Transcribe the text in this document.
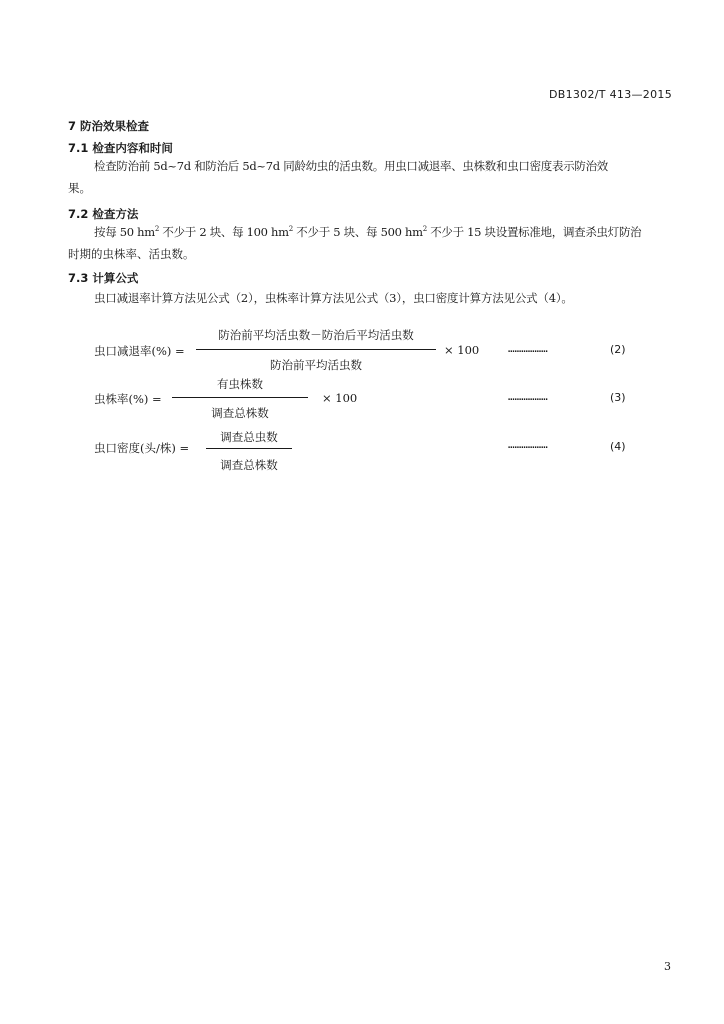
DB1302/T 413—2015
7 防治效果检查
7.1 检查内容和时间
检查防治前 5d~7d 和防治后 5d~7d 同龄幼虫的活虫数。用虫口减退率、虫株数和虫口密度表示防治效
果。
7.2 检查方法
按每 50 $hm^2$ 不少于 2 块、每 100 $hm^2$ 不少于 5 块、每 500 $hm^2$ 不少于 15 块设置标准地，调查杀虫灯防治
时期的虫株率、活虫数。
7.3 计算公式
虫口减退率计算方法见公式（2），虫株率计算方法见公式（3），虫口密度计算方法见公式（4）。
虫口减退率(%) =
防治前平均活虫数－防治后平均活虫数
防治前平均活虫数
× 100	………………	(2)
虫株率(%) =
有虫株数
调查总株数
× 100	………………	(3)
虫口密度(头/株) =
调查总虫数
调查总株数
………………	(4)
3
